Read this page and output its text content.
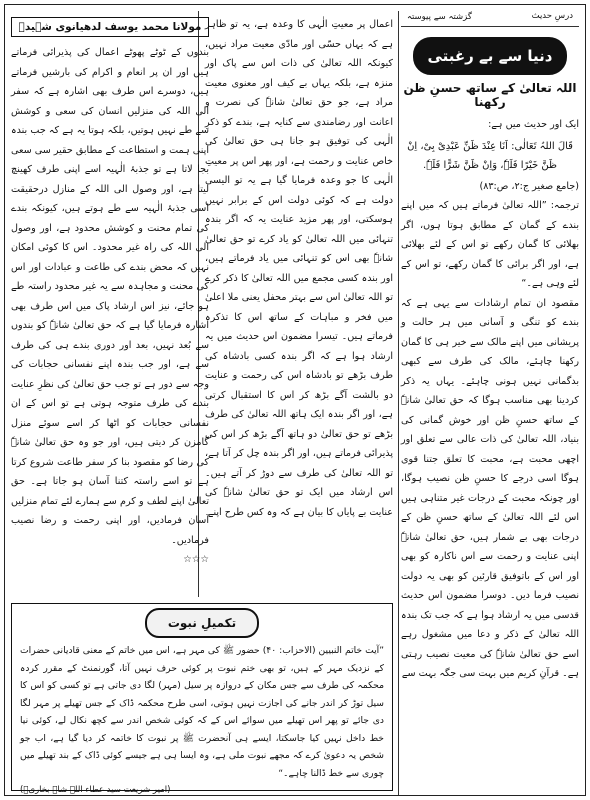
درسِ حدیث
گزشتہ سے پیوستہ
دنیا سے بے رغبتی
اللہ تعالیٰ کے ساتھ حسنِ ظن رکھنا

ایک اور حدیث میں ہے:

قَالَ اللہُ تَعَالٰی: اَنَا عِنْدَ ظَنِّ عَبْدِیْ بِیْ، اِنْ ظَنَّ خَیْرًا فَلَہٗ، وَاِنْ ظَنَّ شَرًّا فَلَہٗ.

(جامع صغیر ج:۲، ص:۸۳)

ترجمہ: ”اللہ تعالیٰ فرماتے ہیں کہ میں اپنے بندے کے گمان کے مطابق ہوتا ہوں، اگر بھلائی کا گمان رکھے تو اس کے لئے بھلائی ہے، اور اگر برائی کا گمان رکھے، تو اس کے لئے وہی ہے۔“

مقصود ان تمام ارشادات سے یہی ہے کہ بندے کو تنگی و آسانی میں ہر حالت و پریشانی میں اپنے مالک سے خیر ہی کا گمان رکھنا چاہئے، مالک کی طرف سے کبھی بدگمانی نہیں ہونی چاہئے۔ یہاں یہ ذکر کردینا بھی مناسب ہوگا کہ حق تعالیٰ شانہٗ کے ساتھ حسنِ ظن اور خوش گمانی کی بنیاد، اللہ تعالیٰ کی ذات عالی سے تعلق اور اچھی محبت ہے، محبت کا تعلق جتنا قوی ہوگا اسی درجے کا حسنِ ظن نصیب ہوگا، اور چونکہ محبت کے درجات غیر متناہی ہیں اس لئے اللہ تعالیٰ کے ساتھ حسنِ ظن کے درجات بھی بے شمار ہیں، حق تعالیٰ شانہٗ اپنی عنایت و رحمت سے اس ناکارہ کو بھی اور اس کے باتوفیق قارئین کو بھی یہ دولت نصیب فرما دیں۔ دوسرا مضمون اس حدیث قدسی میں یہ ارشاد ہوا ہے کہ جب تک بندہ اللہ تعالیٰ کے ذکر و دعا میں مشغول رہے اسے حق تعالیٰ شانہٗ کی معیت نصیب رہتی ہے۔ قرآنِ کریم میں بہت سی جگہ بہت سے

اعمال پر معیتِ الٰہی کا وعدہ ہے، یہ تو ظاہر ہے کہ یہاں حسّی اور مادّی معیت مراد نہیں، کیونکہ اللہ تعالیٰ کی ذات اس سے پاک اور منزہ ہے، بلکہ یہاں بے کیف اور معنوی معیت مراد ہے، جو حق تعالیٰ شانہٗ کی نصرت و اعانت اور رضامندی سے کنایہ ہے، بندے کو ذکرِ الٰہی کی توفیق ہو جانا ہی حق تعالیٰ کی خاص عنایت و رحمت ہے، اور پھر اس پر معیتِ الٰہی کا جو وعدہ فرمایا گیا ہے یہ تو الیسی دولت ہے کہ کوئی دولت اس کے برابر نہیں ہوسکتی، اور پھر مزید عنایت یہ کہ اگر بندہ تنہائی میں اللہ تعالیٰ کو یاد کرے تو حق تعالیٰ شانہٗ بھی اس کو تنہائی میں یاد فرماتے ہیں، اور بندہ کسی مجمع میں اللہ تعالیٰ کا ذکر کرے تو اللہ تعالیٰ اس سے بہتر محفل یعنی ملا اعلیٰ میں فخر و مباہات کے ساتھ اس کا تذکرہ فرماتے ہیں۔ تیسرا مضمون اس حدیث میں یہ ارشاد ہوا ہے کہ اگر بندہ کسی بادشاہ کی طرف بڑھے تو بادشاہ اس کی رحمت و عنایت دو بالشت آگے بڑھ کر اس کا استقبال کرتی ہے، اور اگر بندہ ایک ہاتھ اللہ تعالیٰ کی طرف بڑھے تو حق تعالیٰ دو ہاتھ آگے بڑھ کر اس کی پذیرائی فرماتے ہیں، اور اگر بندہ چل کر آتا ہے، تو اللہ تعالیٰ کی طرف سے دوڑ کر آتے ہیں۔ اس ارشاد میں ایک تو حق تعالیٰ شانہٗ کی عنایت بے پایاں کا بیان ہے کہ وہ کس طرح اپنے

مولانا محمد یوسف لدھیانوی شہیدؒ

بندوں کے ٹوٹے پھوٹے اعمال کی پذیرائی فرماتے ہیں اور ان پر انعام و اکرام کی بارشیں فرماتے ہیں، دوسرے اس طرف بھی اشارہ ہے کہ سفر الی اللہ کی منزلیں انسان کی سعی و کوشش سے طے نہیں ہوتیں، بلکہ ہوتا یہ ہے کہ جب بندہ اپنی ہمت و استطاعت کے مطابق حقیر سی سعی بجا لاتا ہے تو جذبۂ الٰہیہ اسے اپنی طرف کھینچ لیتا ہے، اور وصول الی اللہ کے منازل درحقیقت اسی جذبۂ الٰہیہ سے طے ہوتے ہیں، کیونکہ بندے کی تمام محنت و کوشش محدود ہے، اور وصول الی اللہ کی راہ غیر محدود۔ اس کا کوئی امکان نہیں کہ محض بندے کی طاعت و عبادات اور اس کی محنت و مجاہدہ سے یہ غیر محدود راستہ طے ہو جائے، نیز اس ارشاد پاک میں اس طرف بھی اشارہ فرمایا گیا ہے کہ حق تعالیٰ شانہٗ کو بندوں سے بُعد نہیں، بعد اور دوری بندے ہی کی طرف سے ہے، اور جب بندہ اپنے نفسانی حجابات کی وجہ سے دور ہے تو جب حق تعالیٰ کی نظرِ عنایت بندے کی طرف متوجہ ہوتی ہے تو اس کے ان نفسانی حجابات کو اٹھا کر اسے سوئے منزل گامزن کر دیتی ہیں، اور جو وہ حق تعالیٰ شانہٗ کی رضا کو مقصود بنا کر سفر طاعت شروع کرتا ہے تو اسے راستہ کتنا آسان ہو جاتا ہے۔ حق تعالیٰ اپنے لطف و کرم سے ہمارے لئے تمام منزلیں آسان فرمادیں، اور اپنی رحمت و رضا نصیب فرمادیں۔

☆☆☆

تکمیلِ نبوت

”آیت خاتم النبیین (الاحزاب: ۴۰) حضور ﷺ کی مہر ہے، اس میں خاتم کے معنی قادیانی حضرات کے نزدیک مہر کے ہیں، تو بھی ختم نبوت پر کوئی حرف نہیں آتا، گورنمنٹ کے مقرر کردہ محکمہ کی طرف سے جس مکان کے دروازہ پر سیل (مہر) لگا دی جاتی ہے تو کسی کو اس کا سیل توڑ کر اندر جانے کی اجازت نہیں ہوتی، اسی طرح محکمہ ڈاک کے جس تھیلے پر مہر لگا دی جائے تو پھر اس تھیلے میں سوائے اس کے کہ کوئی شخص اندر سے کچھ نکال لے، کوئی نیا خط داخل نہیں کیا جاسکتا، ایسے ہی آنحضرت ﷺ پر نبوت کا خاتمہ کر دیا گیا ہے، اب جو شخص یہ دعویٰ کرے کہ مجھے نبوت ملی ہے، وہ ایسا ہی ہے جیسے کوئی ڈاک کے بند تھیلے میں چوری سے خط ڈالنا چاہے۔“

(امیر شریعت سید عطاء اللہ شاہ بخاریؒ)
